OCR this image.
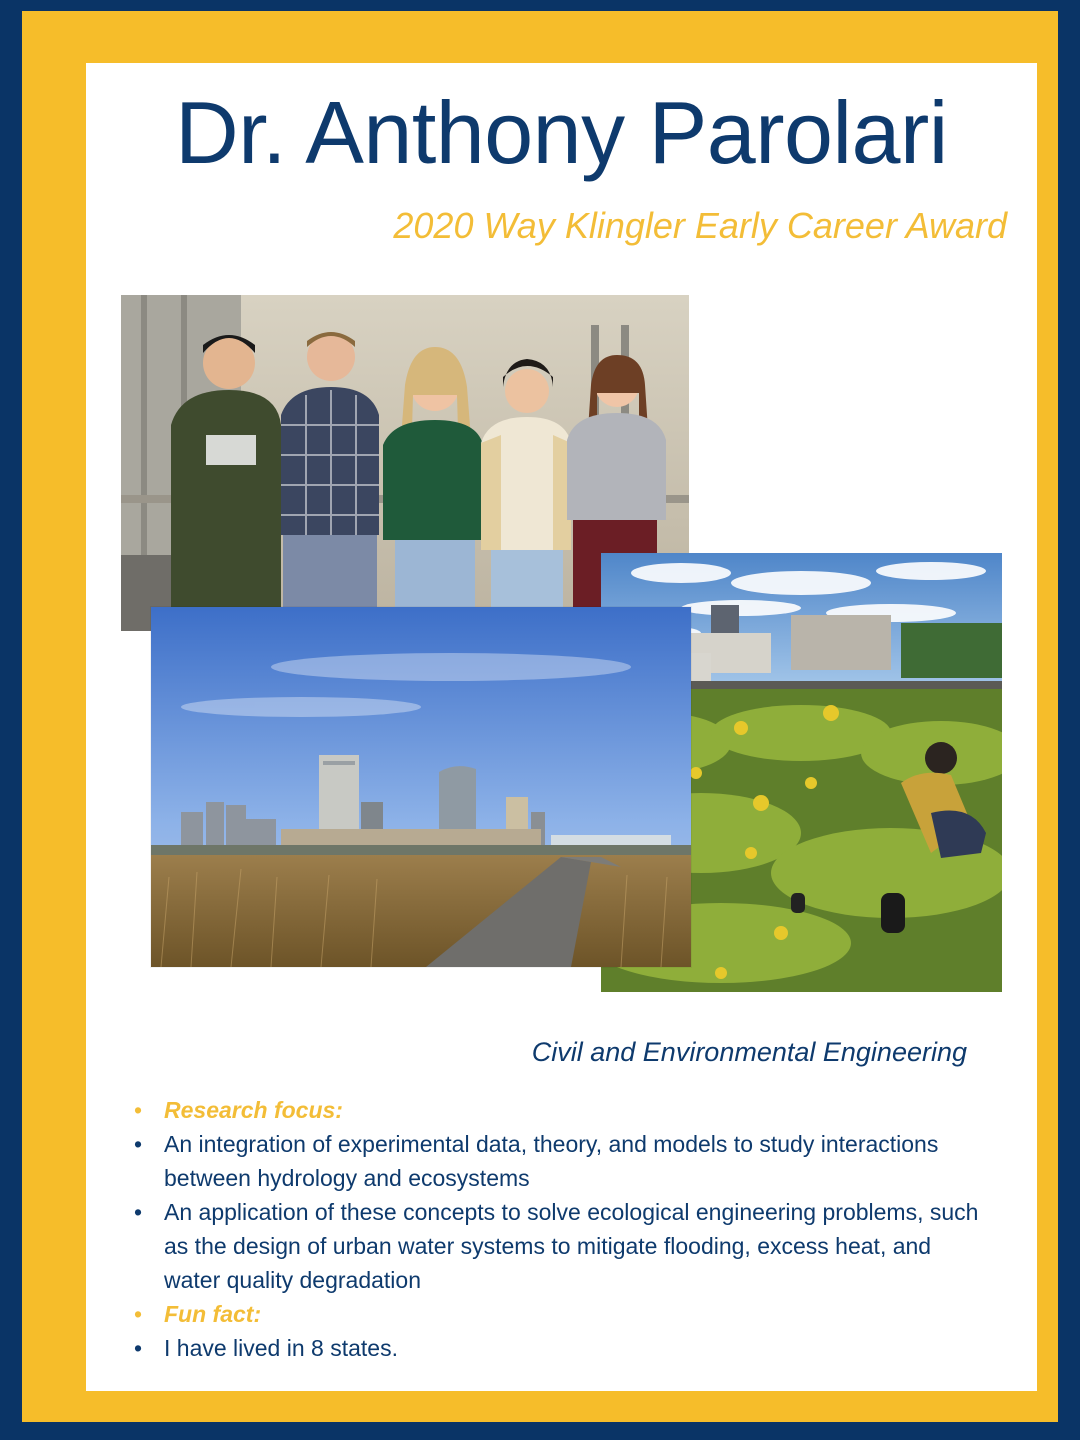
Dr. Anthony Parolari

2020 Way Klingler Early Career Award

Civil and Environmental Engineering
• Research focus:
• An integration of experimental data, theory, and models to study interactions between hydrology and ecosystems
• An application of these concepts to solve ecological engineering problems, such as the design of urban water systems to mitigate flooding, excess heat, and water quality degradation
• Fun fact:
• I have lived in 8 states.
